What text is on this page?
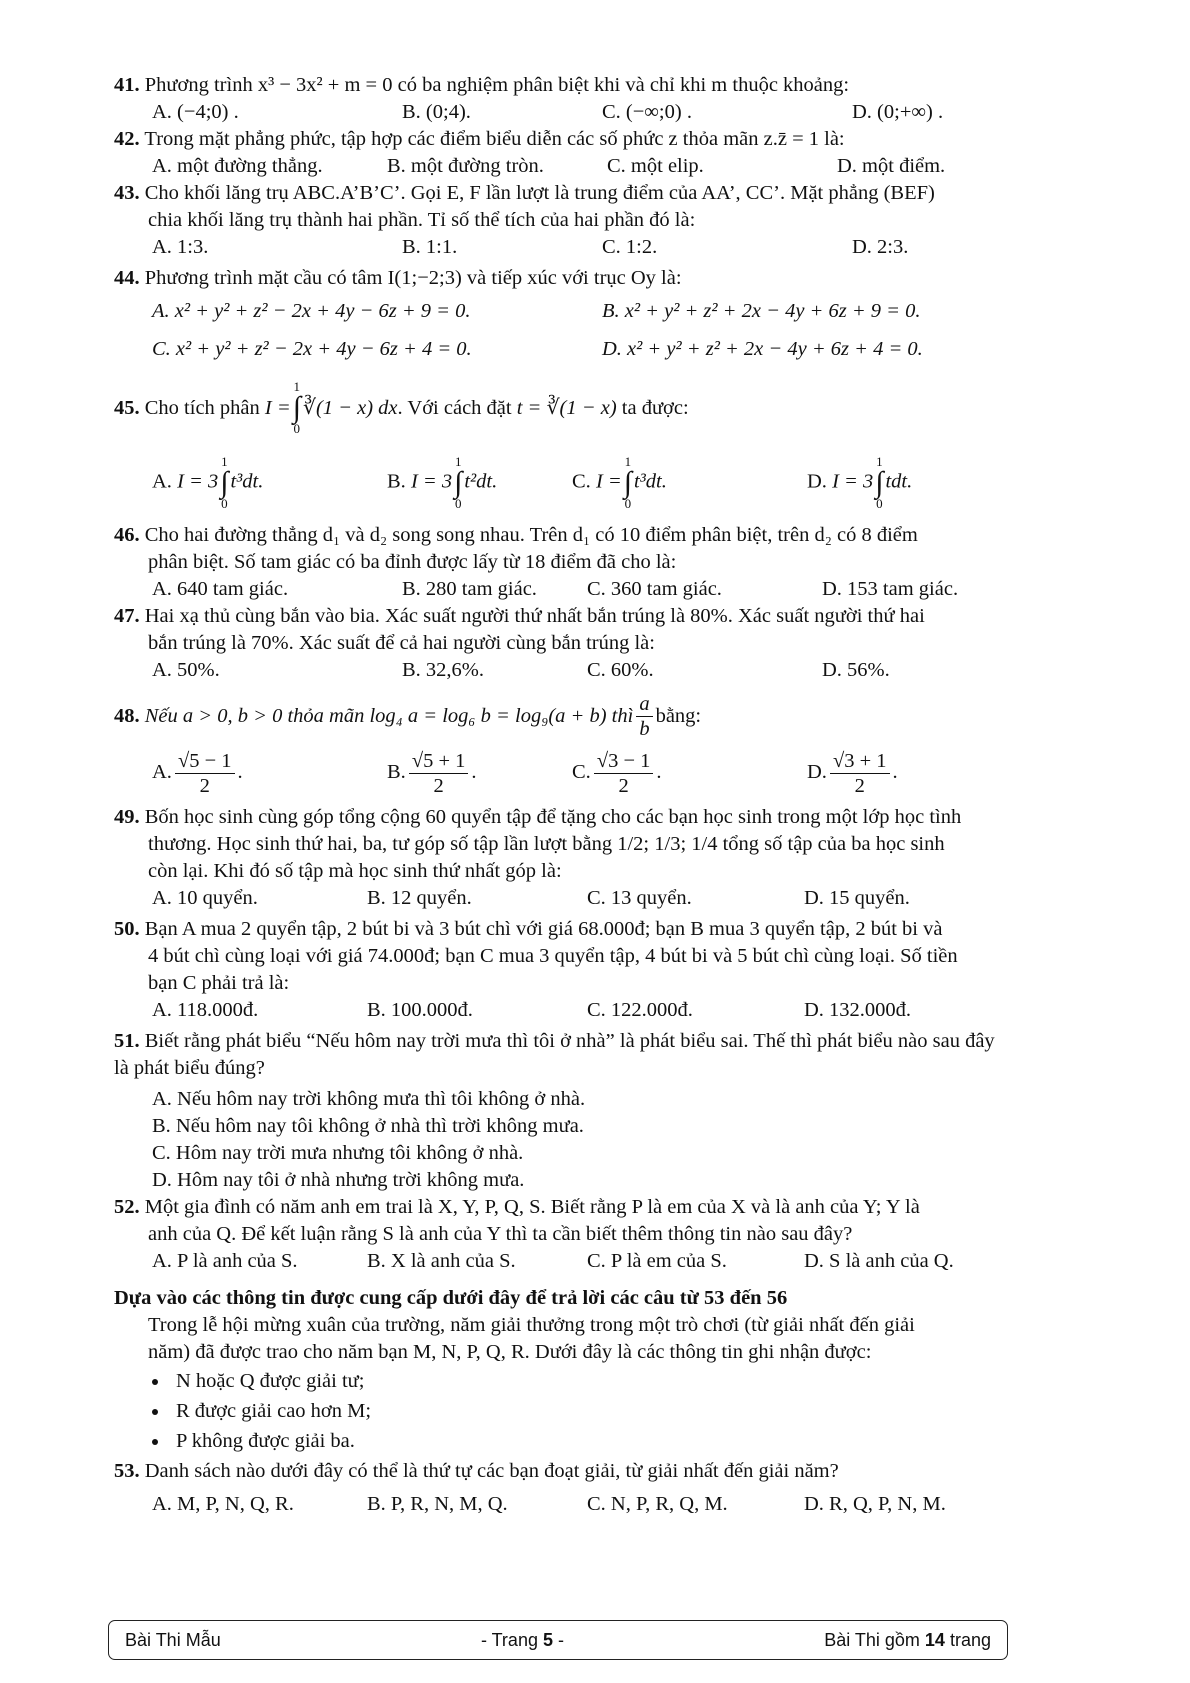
41. Phương trình x³ − 3x² + m = 0 có ba nghiệm phân biệt khi và chỉ khi m thuộc khoảng:
A. (−4;0) .	B. (0;4).	C. (−∞;0) .	D. (0;+∞) .
42. Trong mặt phẳng phức, tập hợp các điểm biểu diễn các số phức z thỏa mãn z.z̄ = 1 là:
A. một đường thẳng.	B. một đường tròn.	C. một elip.	D. một điểm.
43. Cho khối lăng trụ ABC.A’B’C’. Gọi E, F lần lượt là trung điểm của AA’, CC’. Mặt phẳng (BEF)
chia khối lăng trụ thành hai phần. Tỉ số thể tích của hai phần đó là:
A. 1:3.	B. 1:1.	C. 1:2.	D. 2:3.
44. Phương trình mặt cầu có tâm I(1;−2;3) và tiếp xúc với trục Oy là:
A. x² + y² + z² − 2x + 4y − 6z + 9 = 0.	B. x² + y² + z² + 2x − 4y + 6z + 9 = 0.
C. x² + y² + z² − 2x + 4y − 6z + 4 = 0.	D. x² + y² + z² + 2x − 4y + 6z + 4 = 0.
45.
Cho tích phân
I =
1
∫
0
∛(1 − x) dx . Với cách đặt
t = ∛(1 − x)
ta được:
A. I = 3
1
∫
0
t³dt.	B. I = 3
1
∫
0
t²dt.	C. I =
1
∫
0
t³dt.	D. I = 3
1
∫
0
tdt.
46. Cho hai đường thẳng d₁ và d₂ song song nhau. Trên d₁ có 10 điểm phân biệt, trên d₂ có 8 điểm
phân biệt. Số tam giác có ba đỉnh được lấy từ 18 điểm đã cho là:
A. 640 tam giác.	B. 280 tam giác.	C. 360 tam giác.	D. 153 tam giác.
47. Hai xạ thủ cùng bắn vào bia. Xác suất người thứ nhất bắn trúng là 80%. Xác suất người thứ hai
bắn trúng là 70%. Xác suất để cả hai người cùng bắn trúng là:
A. 50%.	B. 32,6%.	C. 60%.	D. 56%.
48.
Nếu a > 0, b > 0 thỏa mãn log₄ a = log₆ b = log₉(a + b) thì $\frac{a}{b}$ bằng:
A. $\frac{√5 - 1}{2}$ .	B. $\frac{√5 + 1}{2}$ .	C. $\frac{√3 - 1}{2}$ .	D. $\frac{√3 + 1}{2}$ .
49. Bốn học sinh cùng góp tổng cộng 60 quyển tập để tặng cho các bạn học sinh trong một lớp học tình
thương. Học sinh thứ hai, ba, tư góp số tập lần lượt bằng 1/2; 1/3; 1/4 tổng số tập của ba học sinh
còn lại. Khi đó số tập mà học sinh thứ nhất góp là:
A. 10 quyển.	B. 12 quyển.	C. 13 quyển.	D. 15 quyển.
50. Bạn A mua 2 quyển tập, 2 bút bi và 3 bút chì với giá 68.000đ; bạn B mua 3 quyển tập, 2 bút bi và
4 bút chì cùng loại với giá 74.000đ; bạn C mua 3 quyển tập, 4 bút bi và 5 bút chì cùng loại. Số tiền
bạn C phải trả là:
A. 118.000đ.	B. 100.000đ.	C. 122.000đ.	D. 132.000đ.
51. Biết rằng phát biểu “Nếu hôm nay trời mưa thì tôi ở nhà” là phát biểu sai. Thế thì phát biểu nào sau đây
là phát biểu đúng?
A. Nếu hôm nay trời không mưa thì tôi không ở nhà.
B. Nếu hôm nay tôi không ở nhà thì trời không mưa.
C. Hôm nay trời mưa nhưng tôi không ở nhà.
D. Hôm nay tôi ở nhà nhưng trời không mưa.
52. Một gia đình có năm anh em trai là X, Y, P, Q, S. Biết rằng P là em của X và là anh của Y; Y là
anh của Q. Để kết luận rằng S là anh của Y thì ta cần biết thêm thông tin nào sau đây?
A. P là anh của S.	B. X là anh của S.	C. P là em của S.	D. S là anh của Q.
Dựa vào các thông tin được cung cấp dưới đây để trả lời các câu từ 53 đến 56
Trong lễ hội mừng xuân của trường, năm giải thưởng trong một trò chơi (từ giải nhất đến giải
năm) đã được trao cho năm bạn M, N, P, Q, R. Dưới đây là các thông tin ghi nhận được:
• N hoặc Q được giải tư;
• R được giải cao hơn M;
• P không được giải ba.
53. Danh sách nào dưới đây có thể là thứ tự các bạn đoạt giải, từ giải nhất đến giải năm?
A. M, P, N, Q, R.	B. P, R, N, M, Q.	C. N, P, R, Q, M.	D. R, Q, P, N, M.
Bài Thi Mẫu	- Trang 5 -	Bài Thi gồm 14 trang
